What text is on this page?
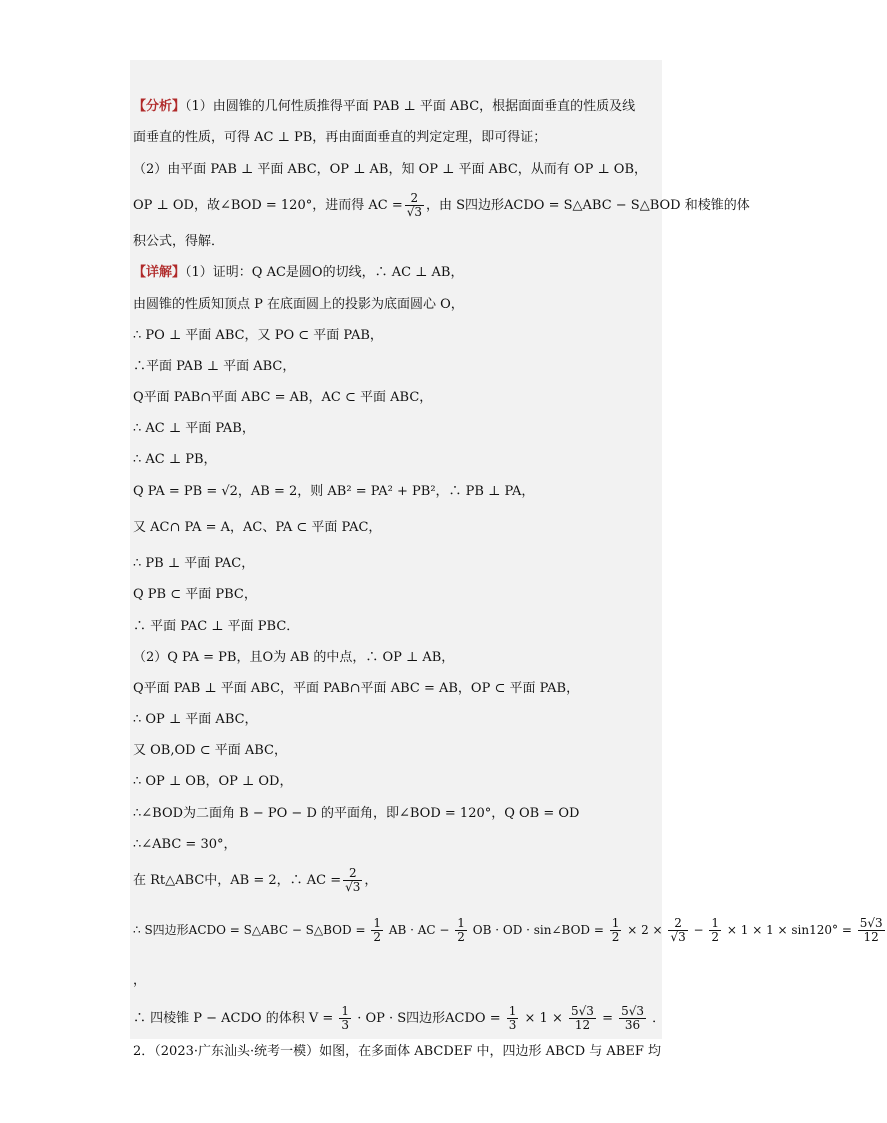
【分析】（1）由圆锥的几何性质推得平面 PAB ⊥ 平面 ABC，根据面面垂直的性质及线
面垂直的性质，可得 AC ⊥ PB，再由面面垂直的判定定理，即可得证；
（2）由平面 PAB ⊥ 平面 ABC，OP ⊥ AB，知 OP ⊥ 平面 ABC，从而有 OP ⊥ OB，
OP ⊥ OD，故∠BOD = 120°，进而得 AC = $\frac{2}{√3}$ ，由 S四边形ACDO = S△ABC − S△BOD 和棱锥的体
积公式，得解．
【详解】（1）证明：Q AC是圆O的切线，∴ AC ⊥ AB，
由圆锥的性质知顶点 P 在底面圆上的投影为底面圆心 O，
∴ PO ⊥ 平面 ABC，又 PO ⊂ 平面 PAB，
∴平面 PAB ⊥ 平面 ABC，
Q平面 PAB∩平面 ABC = AB，AC ⊂ 平面 ABC，
∴ AC ⊥ 平面 PAB，
∴ AC ⊥ PB，
Q PA = PB = √2，AB = 2，则 AB² = PA² + PB²，∴ PB ⊥ PA，
又 AC∩ PA = A，AC、PA ⊂ 平面 PAC，
∴ PB ⊥ 平面 PAC，
Q PB ⊂ 平面 PBC，
∴ 平面 PAC ⊥ 平面 PBC．
（2）Q PA = PB，且O为 AB 的中点，∴ OP ⊥ AB，
Q平面 PAB ⊥ 平面 ABC，平面 PAB∩平面 ABC = AB，OP ⊂ 平面 PAB，
∴ OP ⊥ 平面 ABC，
又 OB,OD ⊂ 平面 ABC，
∴ OP ⊥ OB，OP ⊥ OD，
∴∠BOD为二面角 B − PO − D 的平面角，即∠BOD = 120°，Q OB = OD
∴∠ABC = 30°，
在 Rt△ABC中，AB = 2，∴ AC = $\frac{2}{√3}$ ，
∴ S四边形ACDO = S△ABC − S△BOD = $\frac{1}{2}$ AB · AC − $\frac{1}{2}$ OB · OD · sin∠BOD = $\frac{1}{2} \times 2 \times \frac{2}{√3} - \frac{1}{2} \times 1 \times 1 \times \sin 120^\circ = \frac{5√3}{12}$
，
∴ 四棱锥 P − ACDO 的体积 $V = \frac{1}{3}$ · OP · S四边形ACDO = $\frac{1}{3} \times 1 \times \frac{5√3}{12} = \frac{5√3}{36}$ ．
2．（2023·广东汕头·统考一模）如图，在多面体 ABCDEF 中，四边形 ABCD 与 ABEF 均
